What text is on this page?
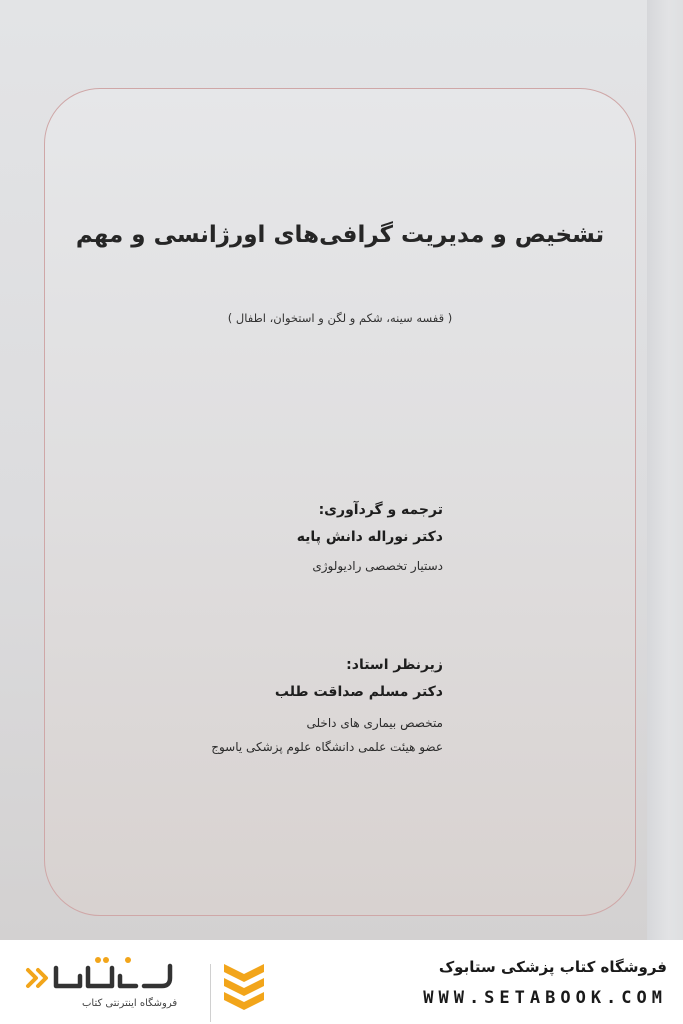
تشخیص و مدیریت گرافی‌های اورژانسی و مهم
( قفسه سینه، شکم و لگن و استخوان، اطفال )
ترجمه و گردآوری:
دکتر نوراله دانش پایه
دستیار تخصصی رادیولوژی
زیرنظر استاد:
دکتر مسلم صداقت طلب
متخصص بیماری های داخلی
عضو هیئت علمی دانشگاه علوم پزشکی یاسوج
فروشگاه اینترنتی کتاب
فروشگاه کتاب پزشکی ستابوک
WWW.SETABOOK.COM
